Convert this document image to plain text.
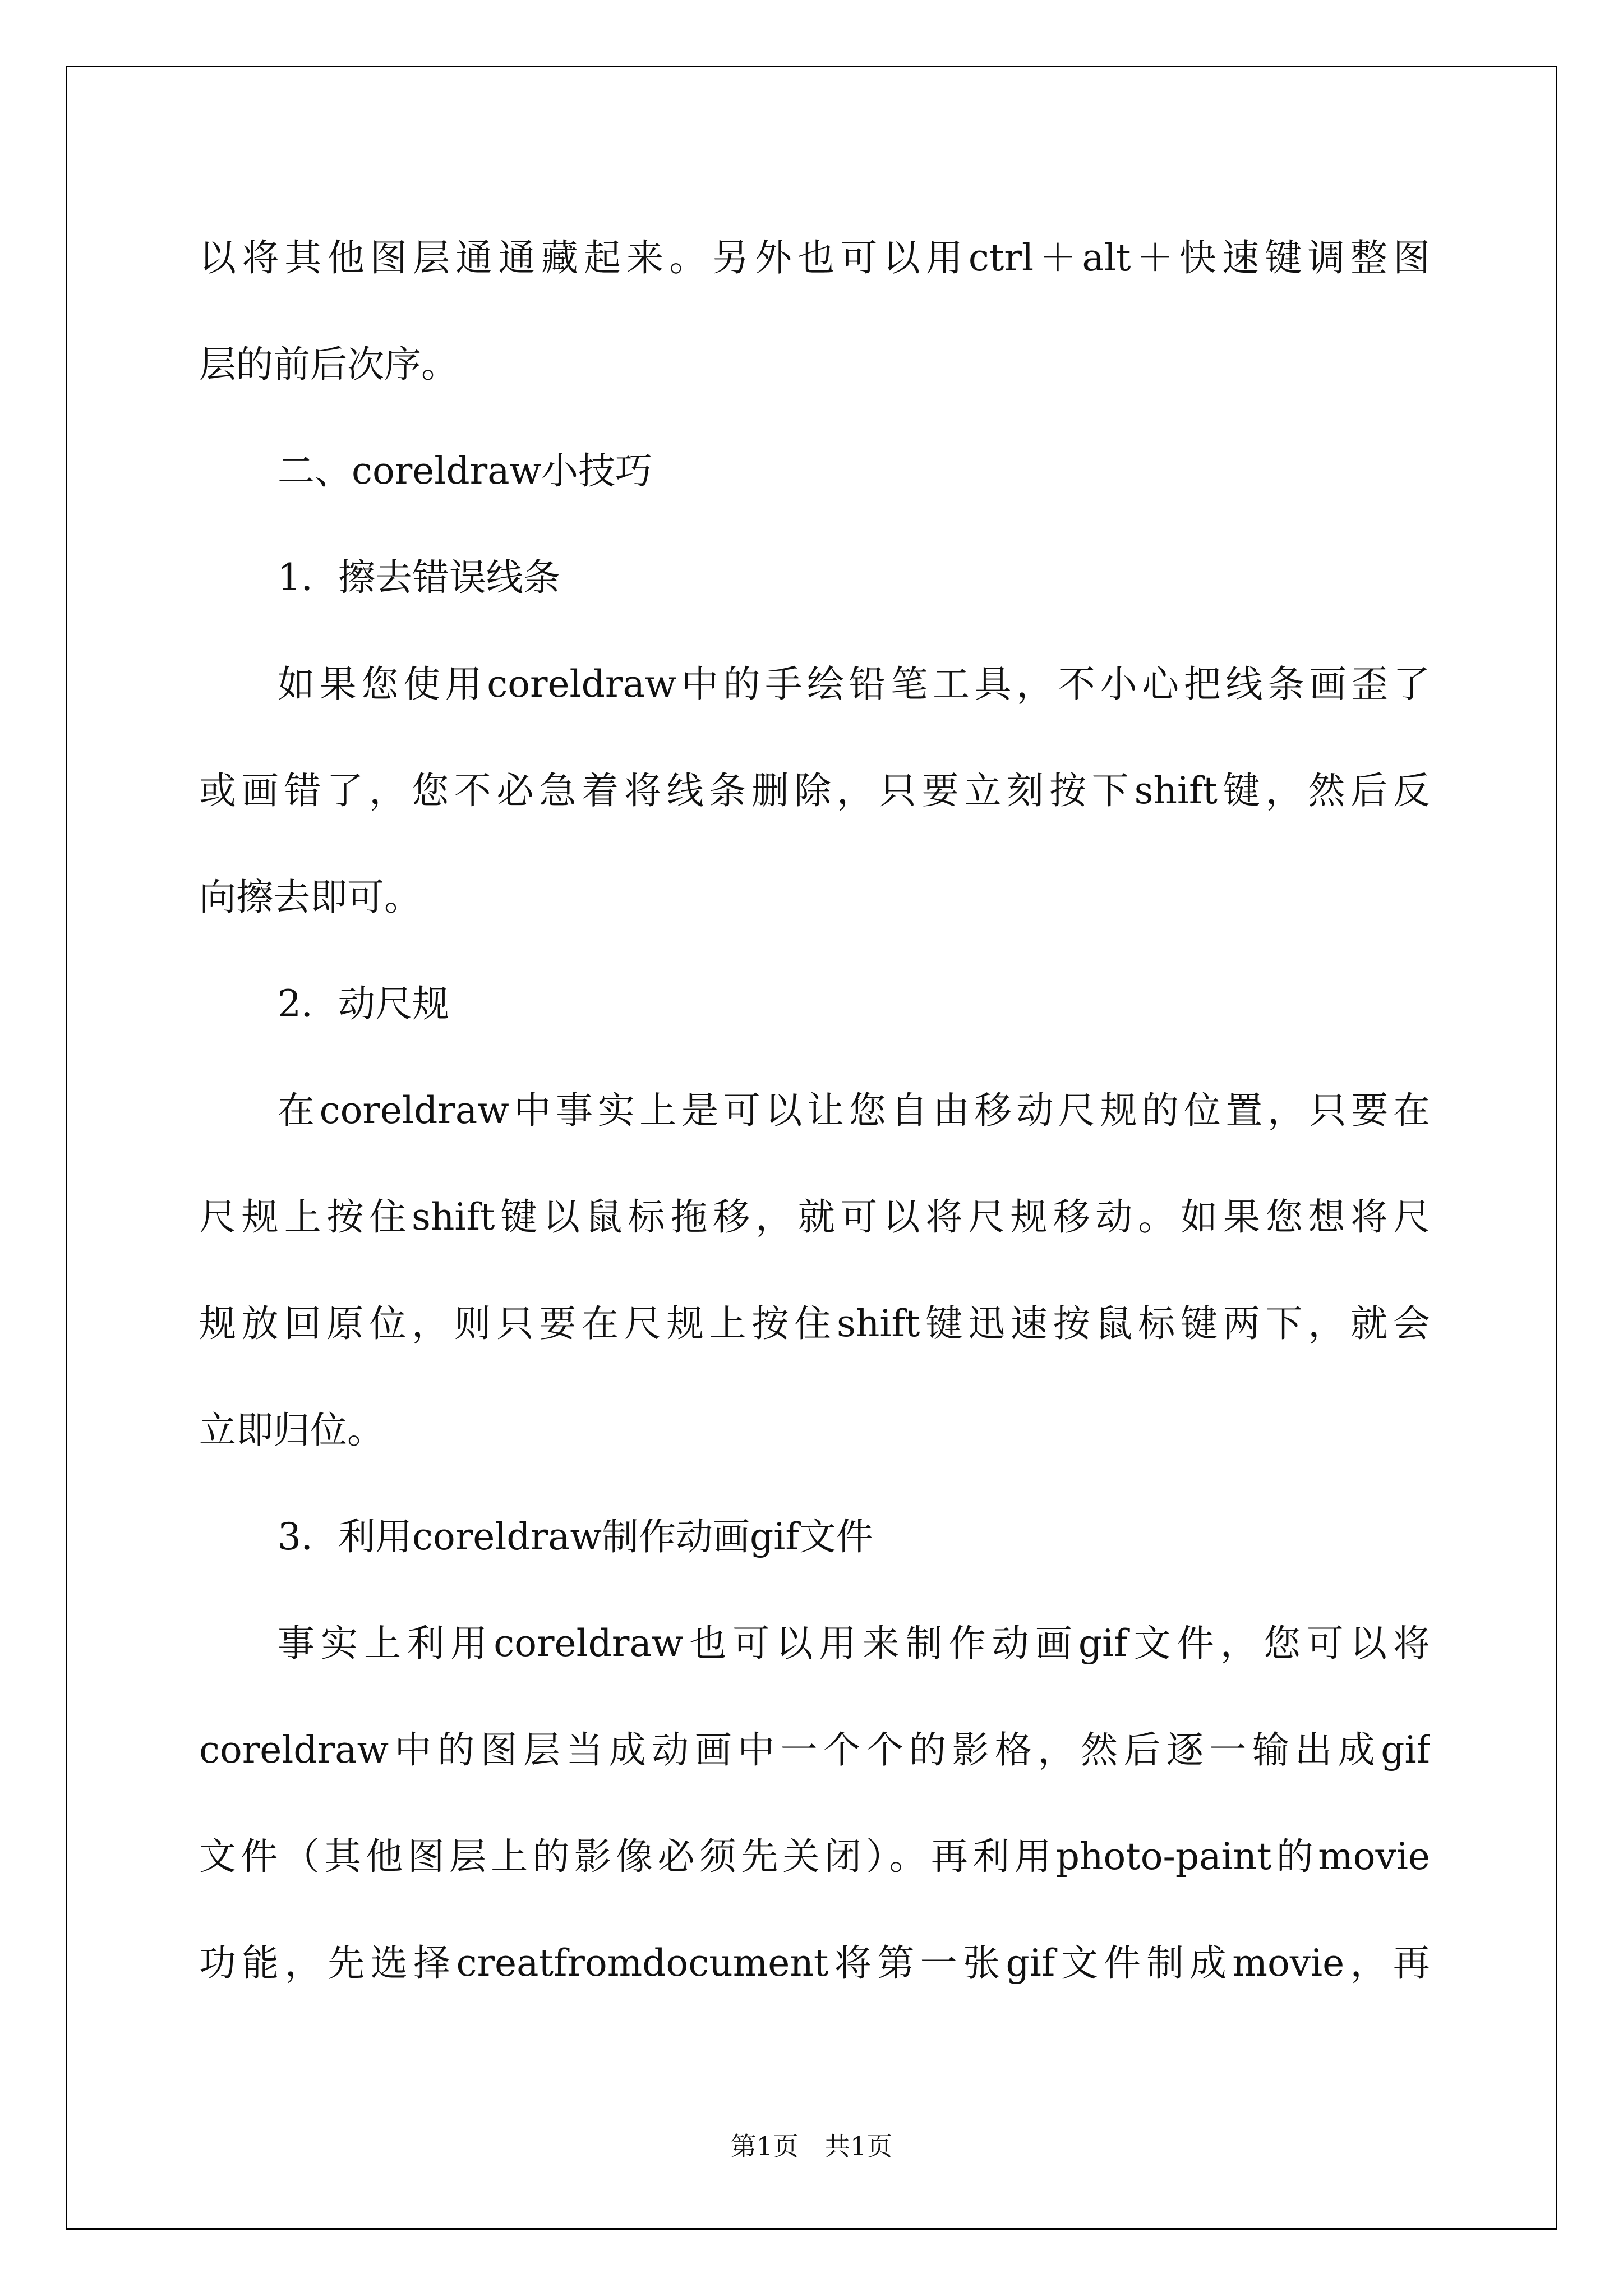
以将其他图层通通藏起来。另外也可以用ctrl＋alt＋快速键调整图
层的前后次序。
二、coreldraw小技巧
1．擦去错误线条
如果您使用coreldraw中的手绘铅笔工具，不小心把线条画歪了
或画错了，您不必急着将线条删除，只要立刻按下shift键，然后反
向擦去即可。
2．动尺规
在coreldraw中事实上是可以让您自由移动尺规的位置，只要在
尺规上按住shift键以鼠标拖移，就可以将尺规移动。如果您想将尺
规放回原位，则只要在尺规上按住shift键迅速按鼠标键两下，就会
立即归位。
3．利用coreldraw制作动画gif文件
事实上利用coreldraw也可以用来制作动画gif文件，您可以将
coreldraw中的图层当成动画中一个个的影格，然后逐一输出成gif
文件（其他图层上的影像必须先关闭）。再利用photo-paint的movie
功能，先选择creatfromdocument将第一张gif文件制成movie，再
第1页　共1页
